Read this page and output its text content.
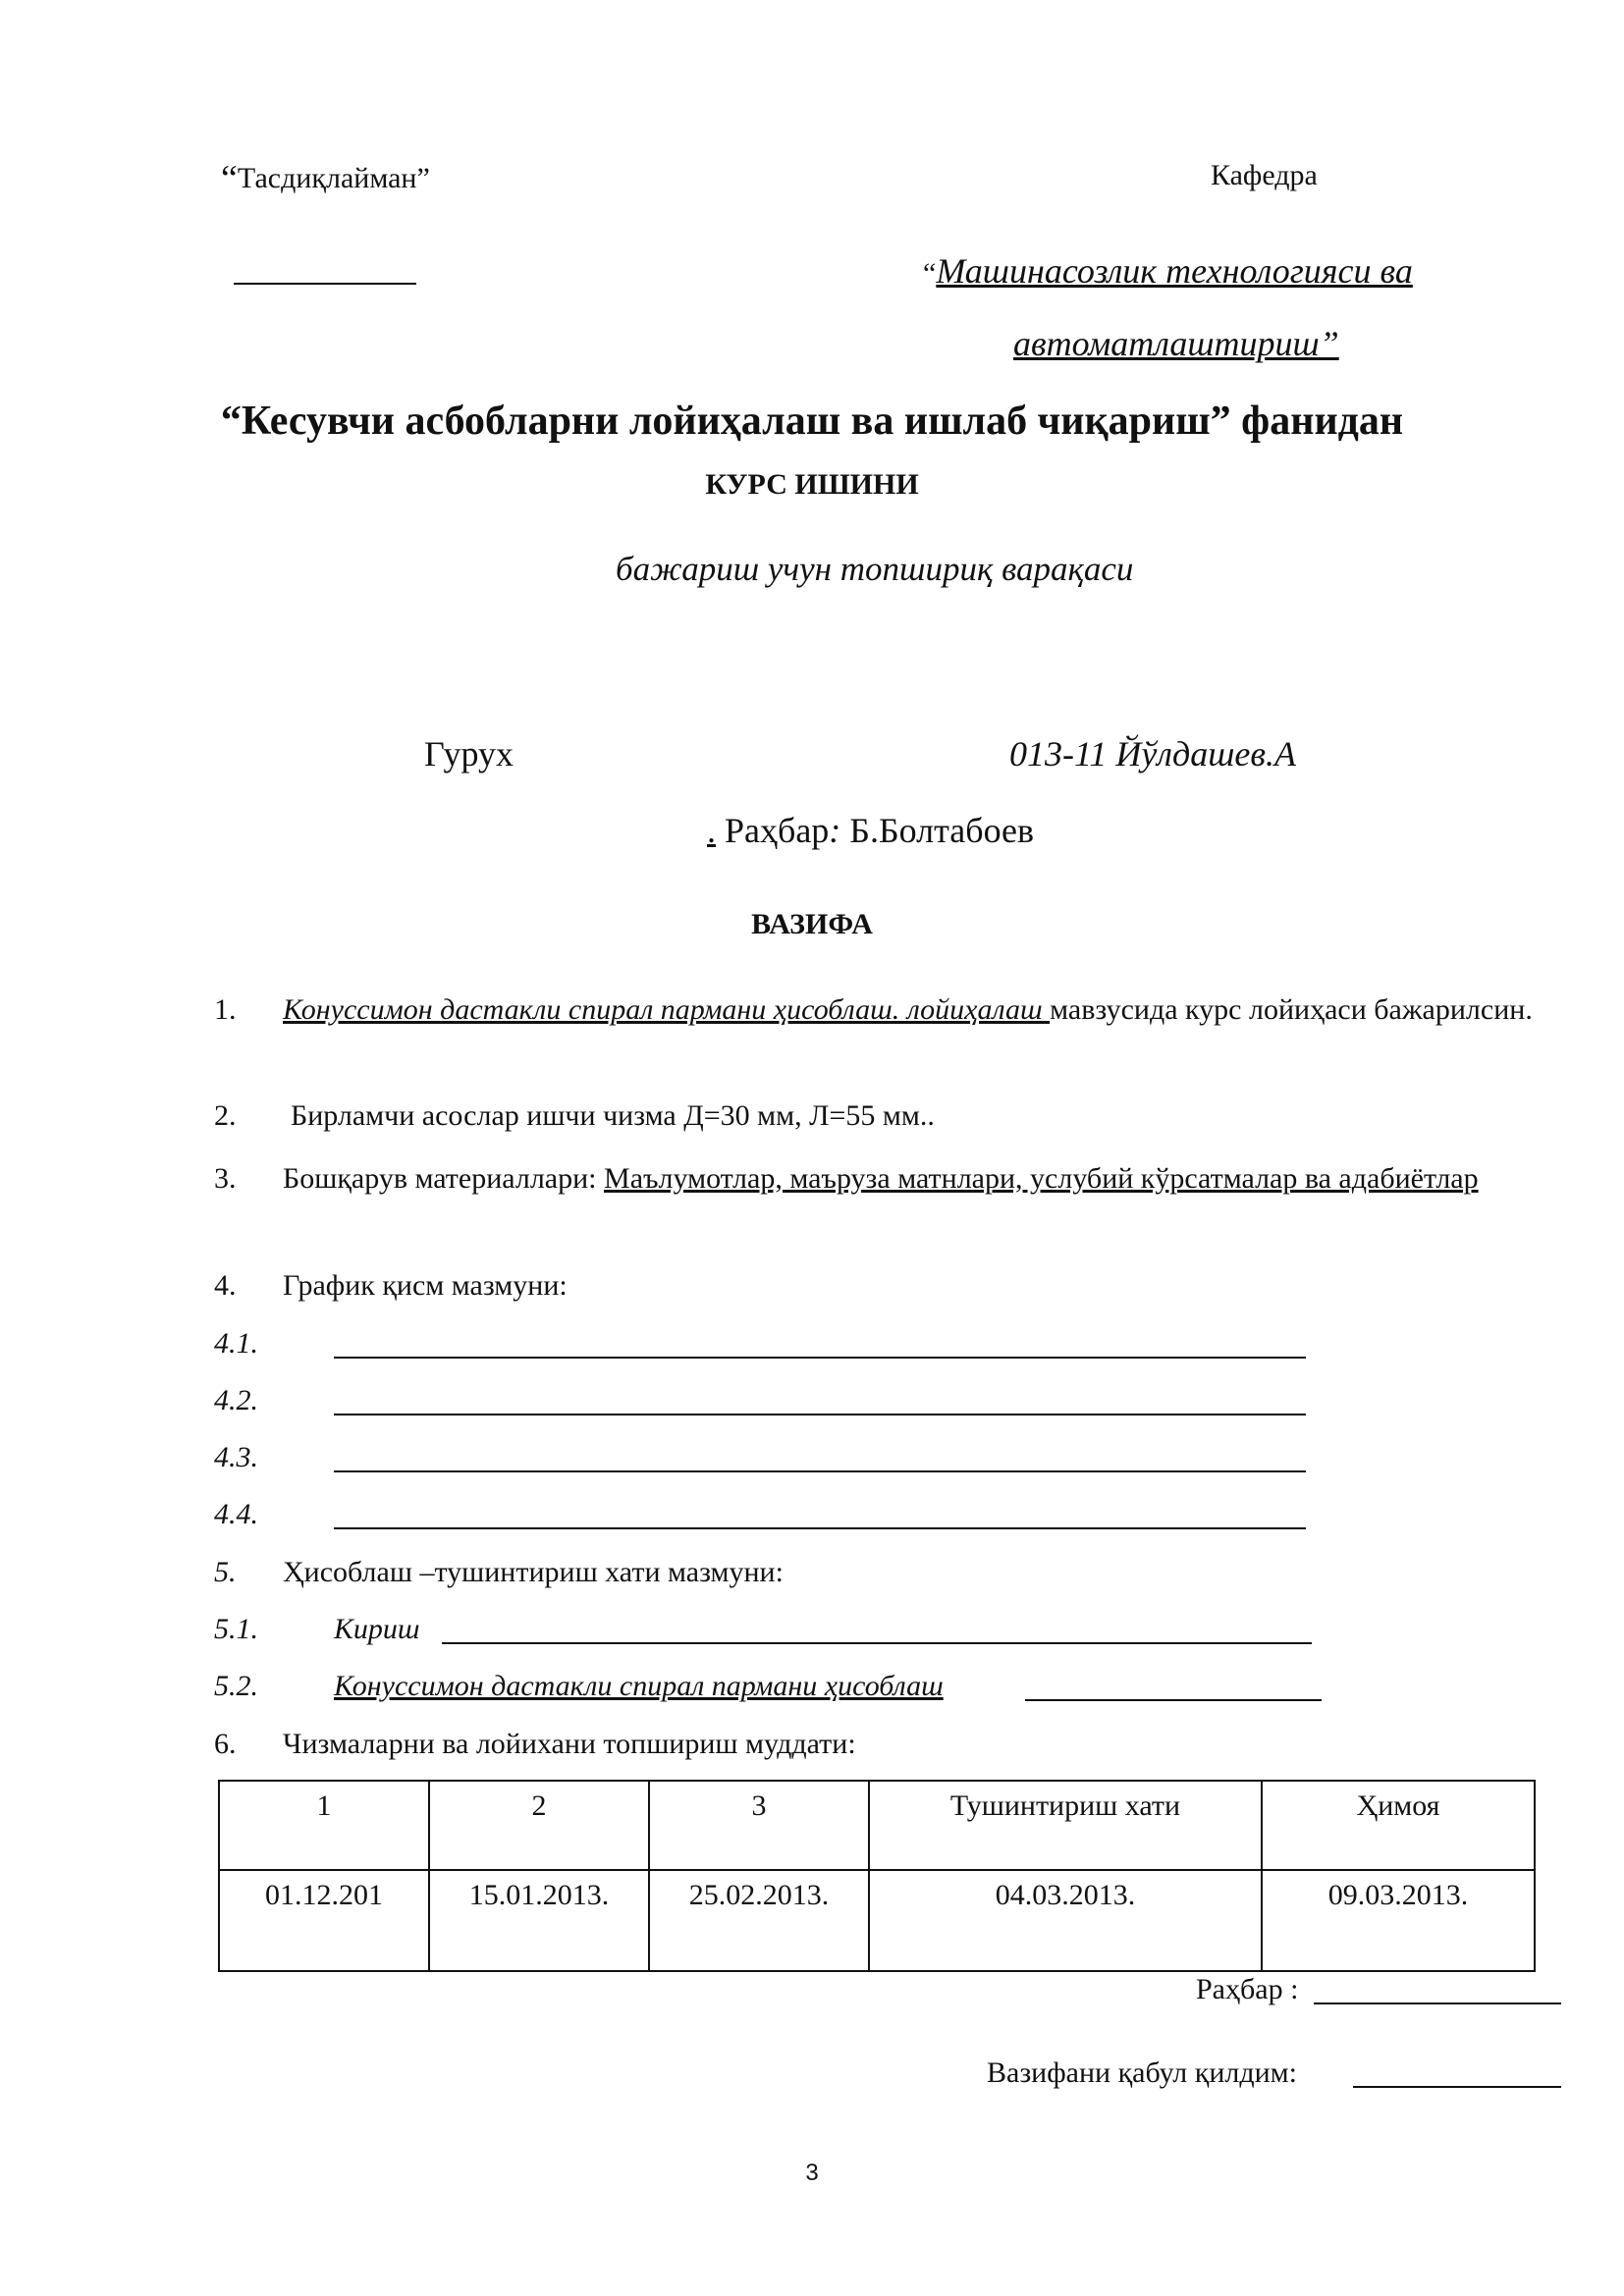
“Тасдиқлайман”	Кафедра
“Машинасозлик технологияси ва
автоматлаштириш”
“Кесувчи асбобларни лойиҳалаш ва ишлаб чиқариш” фанидан
КУРС ИШИНИ
бажариш учун топшириқ варақаси
Гурух	013-11 Йўлдашев.А
. Раҳбар: Б.Болтабоев
ВАЗИФА
1. Конуссимон дастакли спирал пармани ҳисоблаш. лойиҳалаш мавзусида курс лойиҳаси бажарилсин.
2. Бирламчи асослар ишчи чизма Д=30 мм, Л=55 мм..
3. Бошқарув материаллари: Маълумотлар, маъруза матнлари, услубий кўрсатмалар ва адабиётлар
4. График қисм мазмуни:
4.1.
4.2.
4.3.
4.4.
5. Ҳисоблаш –тушинтириш хати мазмуни:
5.1.	Кириш
5.2.	Конуссимон дастакли спирал пармани ҳисоблаш
6. Чизмаларни ва лойихани топшириш муддати:
1	2	3	Тушинтириш хати	Ҳимоя
01.12.201	15.01.2013.	25.02.2013.	04.03.2013.	09.03.2013.
Раҳбар :
Вазифани қабул қилдим:
3
